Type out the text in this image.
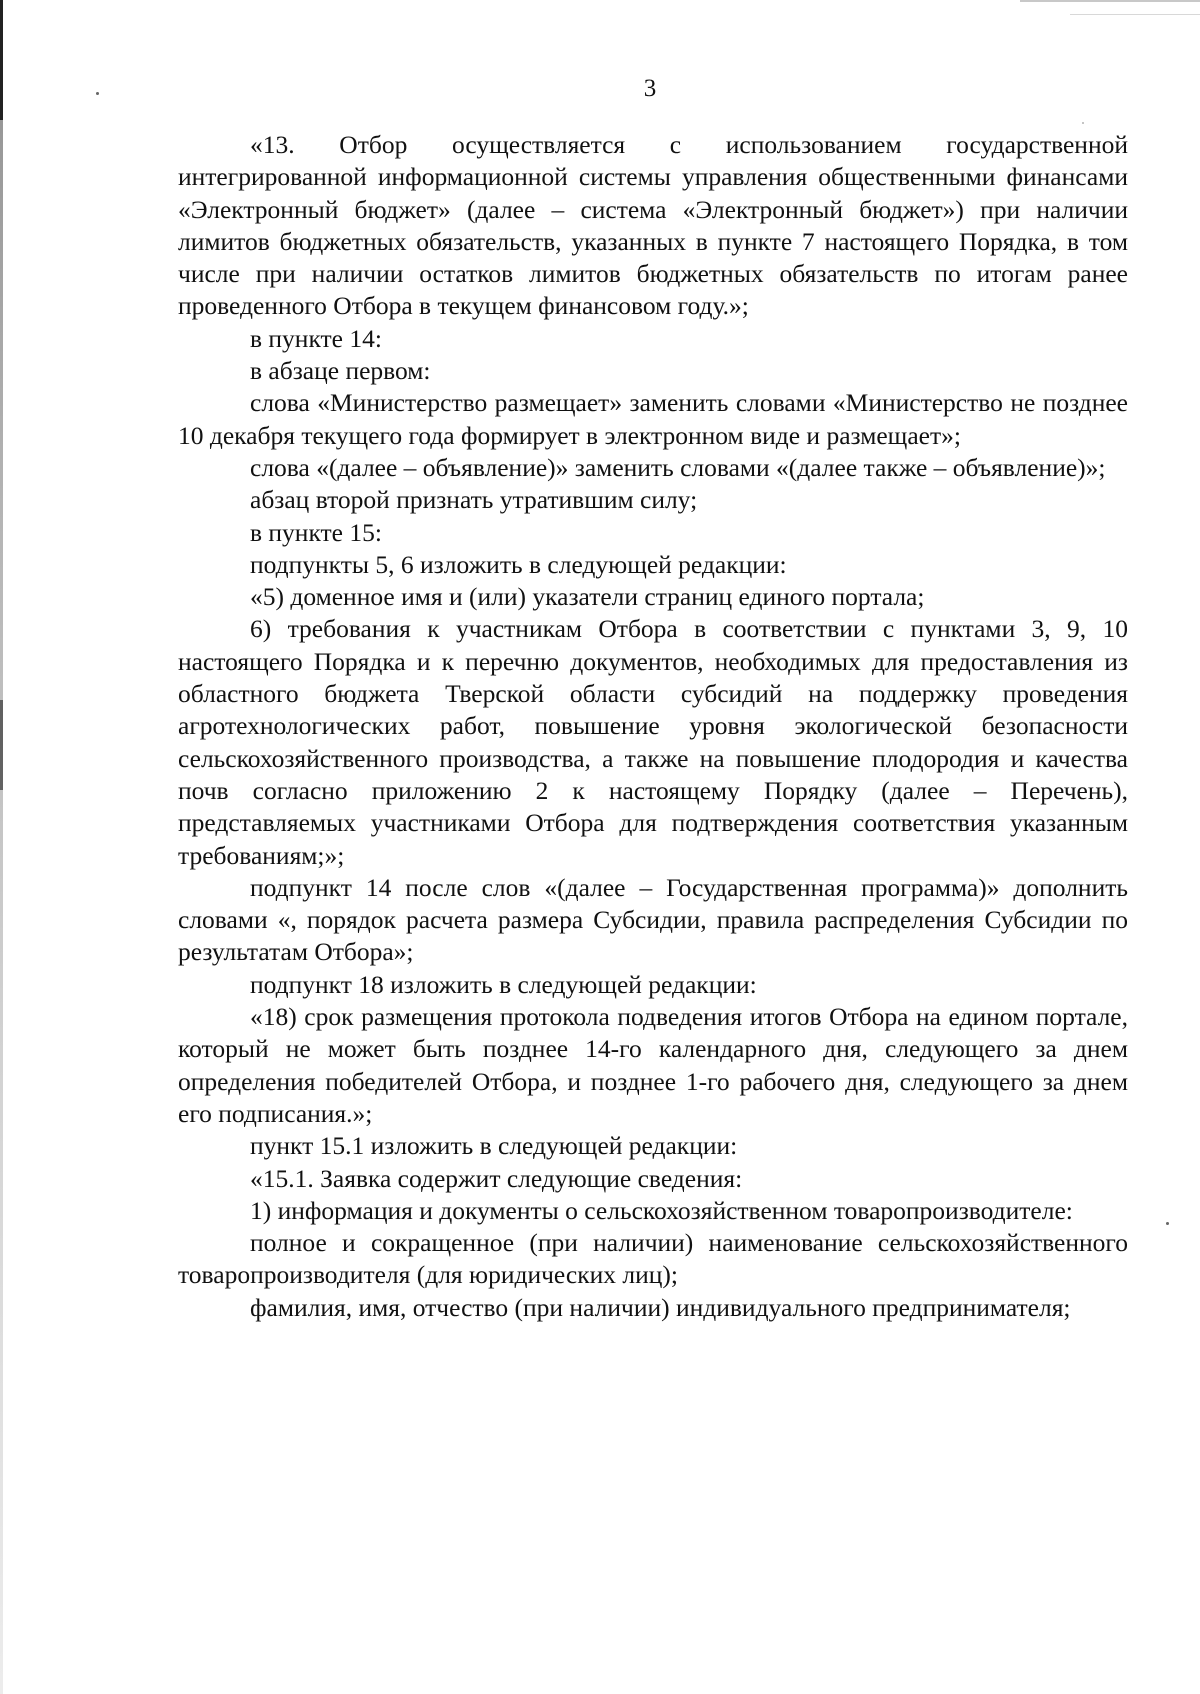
3

«13. Отбор осуществляется с использованием государственной интегрированной информационной системы управления общественными финансами «Электронный бюджет» (далее – система «Электронный бюджет») при наличии лимитов бюджетных обязательств, указанных в пункте 7 настоящего Порядка, в том числе при наличии остатков лимитов бюджетных обязательств по итогам ранее проведенного Отбора в текущем финансовом году.»;

в пункте 14:

в абзаце первом:

слова «Министерство размещает» заменить словами «Министерство не позднее 10 декабря текущего года формирует в электронном виде и размещает»;

слова «(далее – объявление)» заменить словами «(далее также – объявление)»;

абзац второй признать утратившим силу;

в пункте 15:

подпункты 5, 6 изложить в следующей редакции:

«5) доменное имя и (или) указатели страниц единого портала;

6) требования к участникам Отбора в соответствии с пунктами 3, 9, 10 настоящего Порядка и к перечню документов, необходимых для предоставления из областного бюджета Тверской области субсидий на поддержку проведения агротехнологических работ, повышение уровня экологической безопасности сельскохозяйственного производства, а также на повышение плодородия и качества почв согласно приложению 2 к настоящему Порядку (далее – Перечень), представляемых участниками Отбора для подтверждения соответствия указанным требованиям;»;

подпункт 14 после слов «(далее – Государственная программа)» дополнить словами «, порядок расчета размера Субсидии, правила распределения Субсидии по результатам Отбора»;

подпункт 18 изложить в следующей редакции:

«18) срок размещения протокола подведения итогов Отбора на едином портале, который не может быть позднее 14-го календарного дня, следующего за днем определения победителей Отбора, и позднее 1-го рабочего дня, следующего за днем его подписания.»;

пункт 15.1 изложить в следующей редакции:

«15.1. Заявка содержит следующие сведения:

1) информация и документы о сельскохозяйственном товаропроизводителе:

полное и сокращенное (при наличии) наименование сельскохозяйственного товаропроизводителя (для юридических лиц);

фамилия, имя, отчество (при наличии) индивидуального предпринимателя;
